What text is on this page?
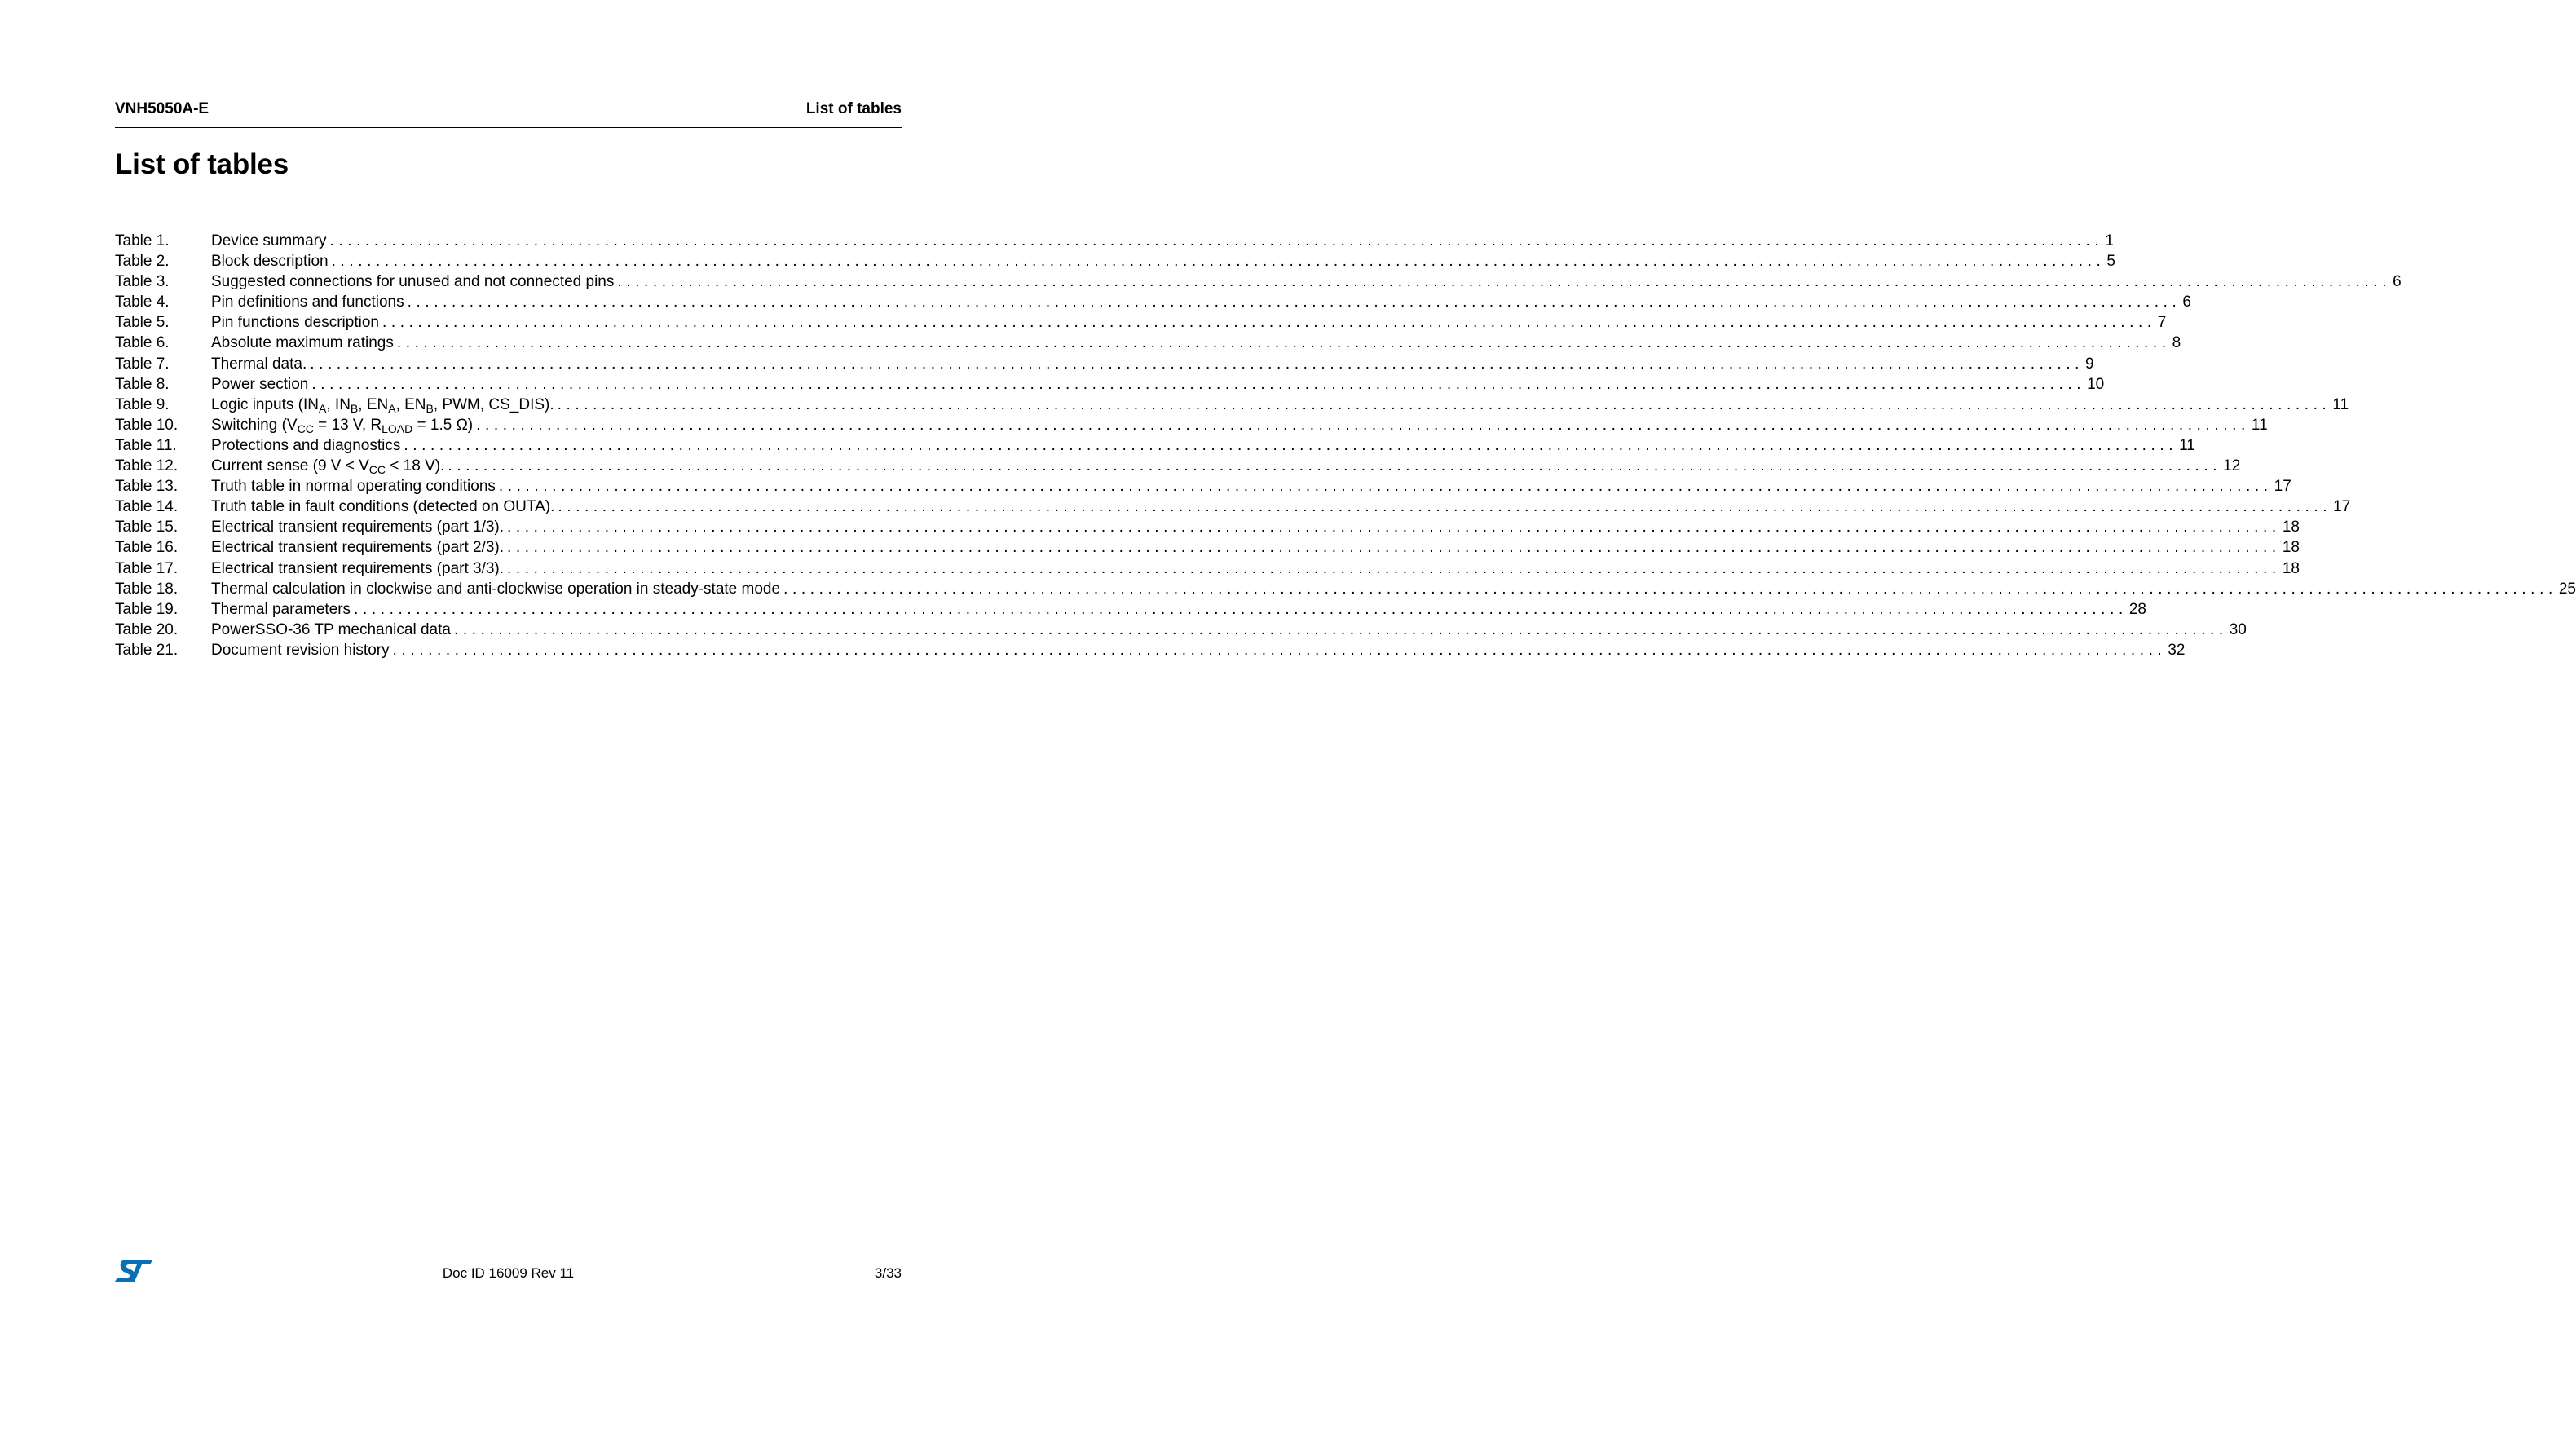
VNH5050A-E	List of tables
List of tables
Table 1.	Device summary ........................................................................................................................................................................................................ 1
Table 2.	Block description ........................................................................................................................................................................................................ 5
Table 3.	Suggested connections for unused and not connected pins ........................................................................................................................................................................................................ 6
Table 4.	Pin definitions and functions ........................................................................................................................................................................................................ 6
Table 5.	Pin functions description ........................................................................................................................................................................................................ 7
Table 6.	Absolute maximum ratings ........................................................................................................................................................................................................ 8
Table 7.	Thermal data. ........................................................................................................................................................................................................ 9
Table 8.	Power section ........................................................................................................................................................................................................ 10
Table 9.	Logic inputs ($IN_A$, $IN_B$, $EN_A$, $EN_B$, PWM, CS_DIS). ........................................................................................................................................................................................................ 11
Table 10.	Switching ($V_{CC} = 13$ V, $R_{LOAD} = 1.5$ Ω) ........................................................................................................................................................................................................ 11
Table 11.	Protections and diagnostics ........................................................................................................................................................................................................ 11
Table 12.	Current sense (9 $V < V_{CC} < 18$ V). ........................................................................................................................................................................................................ 12
Table 13.	Truth table in normal operating conditions ........................................................................................................................................................................................................ 17
Table 14.	Truth table in fault conditions (detected on OUTA). ........................................................................................................................................................................................................ 17
Table 15.	Electrical transient requirements (part 1/3). ........................................................................................................................................................................................................ 18
Table 16.	Electrical transient requirements (part 2/3). ........................................................................................................................................................................................................ 18
Table 17.	Electrical transient requirements (part 3/3). ........................................................................................................................................................................................................ 18
Table 18.	Thermal calculation in clockwise and anti-clockwise operation in steady-state mode ........................................................................................................................................................................................................ 25
Table 19.	Thermal parameters ........................................................................................................................................................................................................ 28
Table 20.	PowerSSO-36 TP mechanical data ........................................................................................................................................................................................................ 30
Table 21.	Document revision history ........................................................................................................................................................................................................ 32
Doc ID 16009 Rev 11	3/33
